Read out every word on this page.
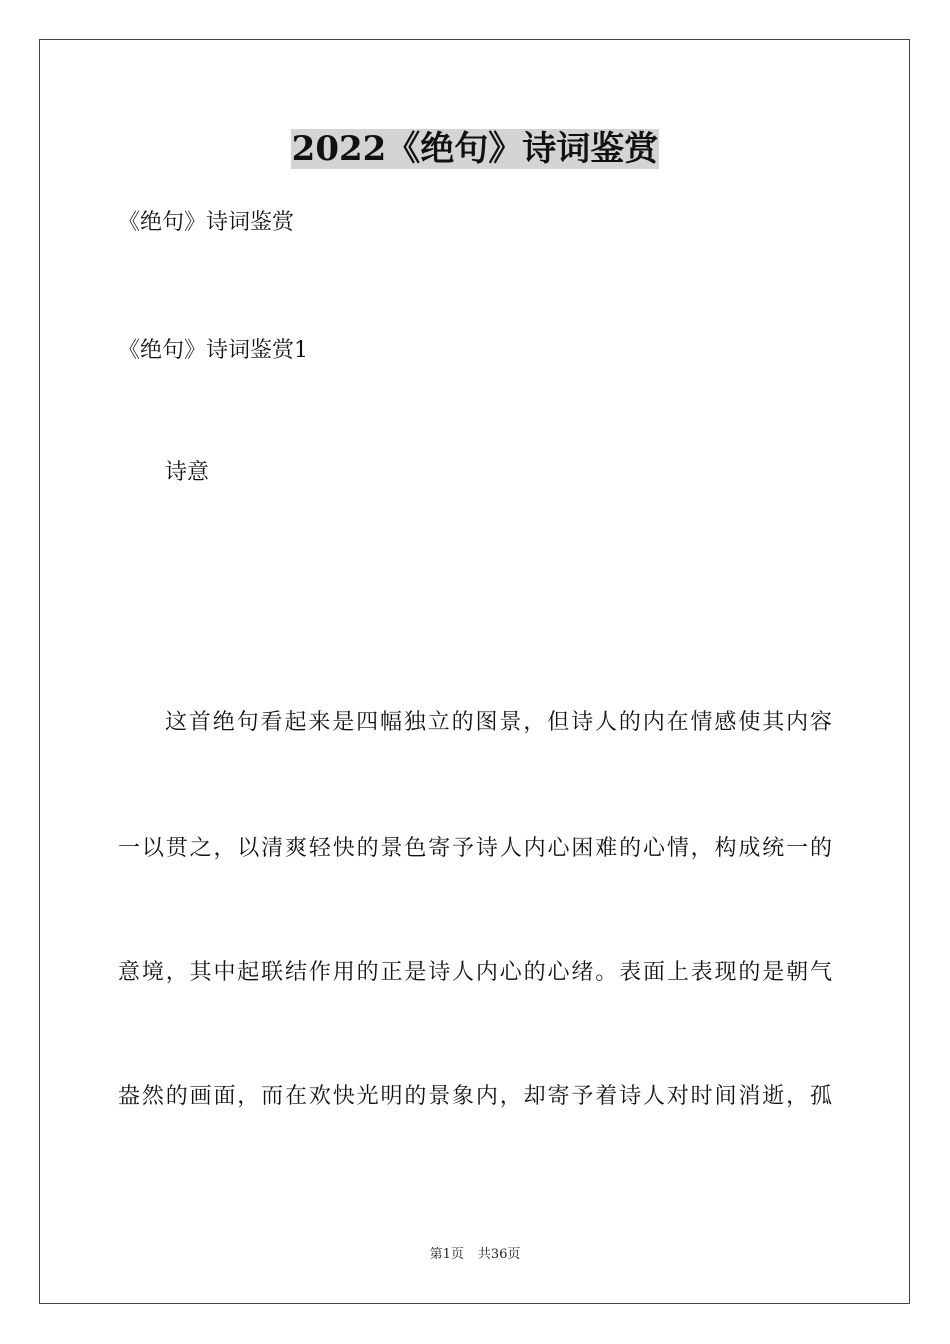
2022《绝句》诗词鉴赏
《绝句》诗词鉴赏
《绝句》诗词鉴赏1
诗意
这首绝句看起来是四幅独立的图景，但诗人的内在情感使其内容
一以贯之，以清爽轻快的景色寄予诗人内心困难的心情，构成统一的
意境，其中起联结作用的正是诗人内心的心绪。表面上表现的是朝气
盎然的画面，而在欢快光明的景象内，却寄予着诗人对时间消逝，孤
第1页 共36页
